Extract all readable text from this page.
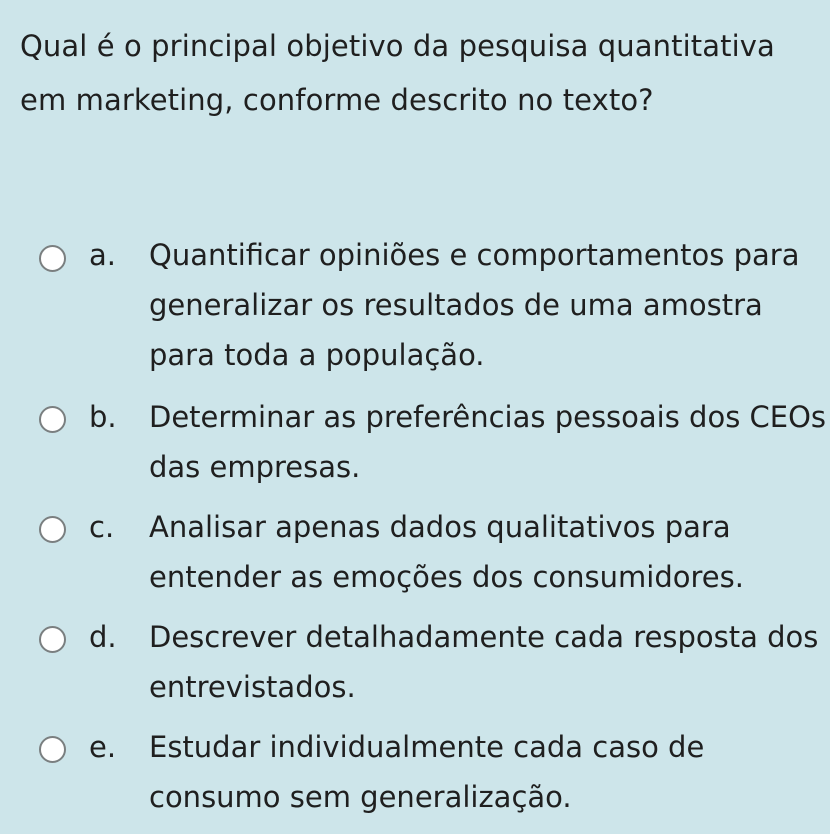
Qual é o principal objetivo da pesquisa quantitativa em marketing, conforme descrito no texto?

a. Quantificar opiniões e comportamentos para generalizar os resultados de uma amostra para toda a população.
b. Determinar as preferências pessoais dos CEOs das empresas.
c. Analisar apenas dados qualitativos para entender as emoções dos consumidores.
d. Descrever detalhadamente cada resposta dos entrevistados.
e. Estudar individualmente cada caso de consumo sem generalização.
